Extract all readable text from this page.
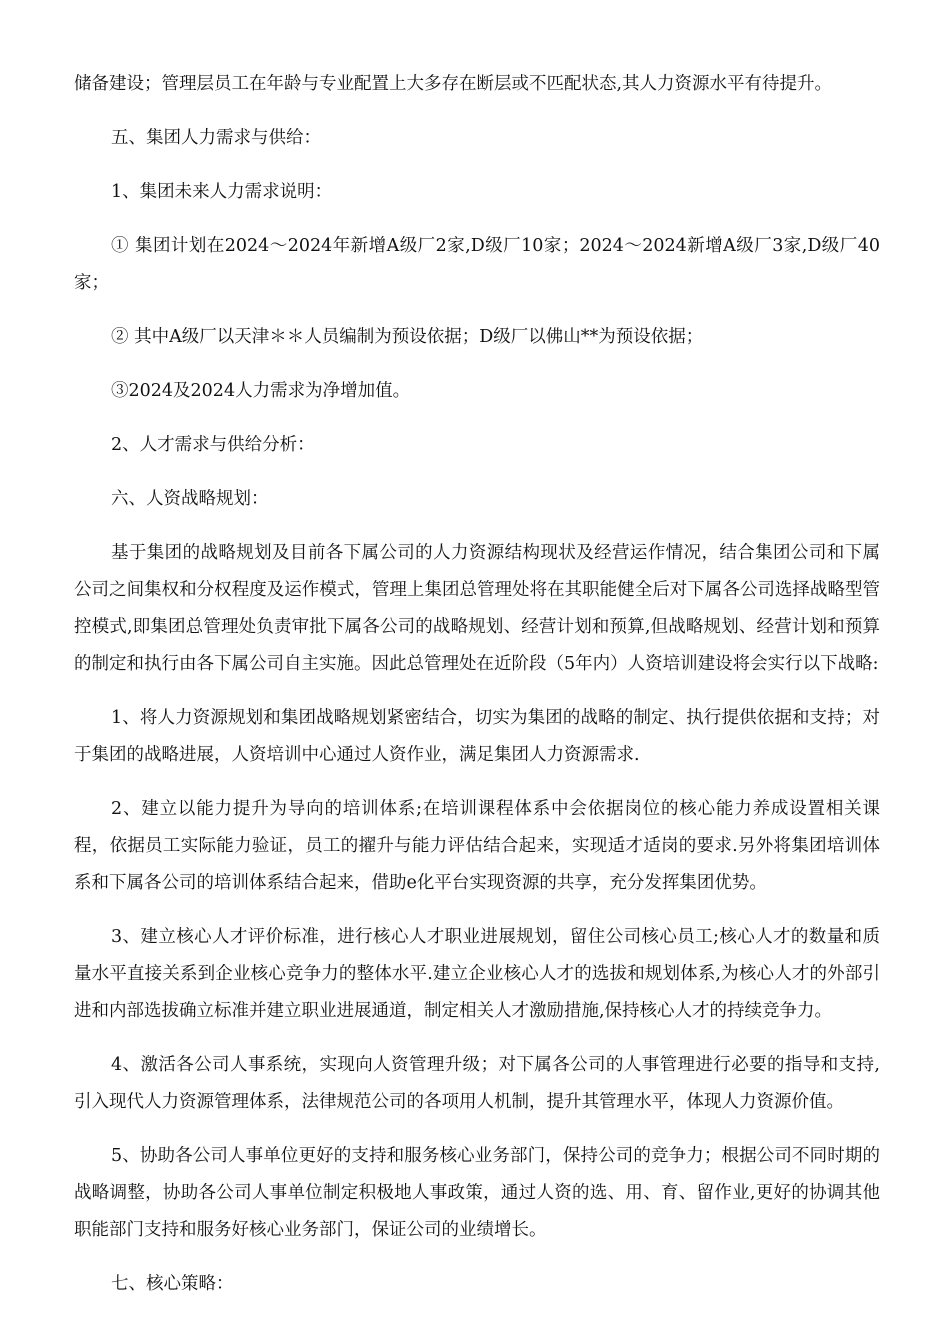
储备建设；管理层员工在年龄与专业配置上大多存在断层或不匹配状态,其人力资源水平有待提升。

五、集团人力需求与供给：

1、集团未来人力需求说明：

① 集团计划在2024～2024年新增A级厂2家,D级厂10家；2024～2024新增A级厂3家,D级厂40家；

② 其中A级厂以天津＊＊人员编制为预设依据；D级厂以佛山**为预设依据；

③2024及2024人力需求为净增加值。

2、人才需求与供给分析：

六、人资战略规划：

基于集团的战略规划及目前各下属公司的人力资源结构现状及经营运作情况，结合集团公司和下属公司之间集权和分权程度及运作模式，管理上集团总管理处将在其职能健全后对下属各公司选择战略型管控模式,即集团总管理处负责审批下属各公司的战略规划、经营计划和预算,但战略规划、经营计划和预算的制定和执行由各下属公司自主实施。因此总管理处在近阶段（5年内）人资培训建设将会实行以下战略:

1、将人力资源规划和集团战略规划紧密结合，切实为集团的战略的制定、执行提供依据和支持；对于集团的战略进展，人资培训中心通过人资作业，满足集团人力资源需求.

2、建立以能力提升为导向的培训体系;在培训课程体系中会依据岗位的核心能力养成设置相关课程，依据员工实际能力验证，员工的擢升与能力评估结合起来，实现适才适岗的要求.另外将集团培训体系和下属各公司的培训体系结合起来，借助e化平台实现资源的共享，充分发挥集团优势。

3、建立核心人才评价标准，进行核心人才职业进展规划，留住公司核心员工;核心人才的数量和质量水平直接关系到企业核心竞争力的整体水平.建立企业核心人才的选拔和规划体系,为核心人才的外部引进和内部选拔确立标准并建立职业进展通道，制定相关人才激励措施,保持核心人才的持续竞争力。

4、激活各公司人事系统，实现向人资管理升级；对下属各公司的人事管理进行必要的指导和支持,引入现代人力资源管理体系，法律规范公司的各项用人机制，提升其管理水平，体现人力资源价值。

5、协助各公司人事单位更好的支持和服务核心业务部门，保持公司的竞争力；根据公司不同时期的战略调整，协助各公司人事单位制定积极地人事政策，通过人资的选、用、育、留作业,更好的协调其他职能部门支持和服务好核心业务部门，保证公司的业绩增长。

七、核心策略：
